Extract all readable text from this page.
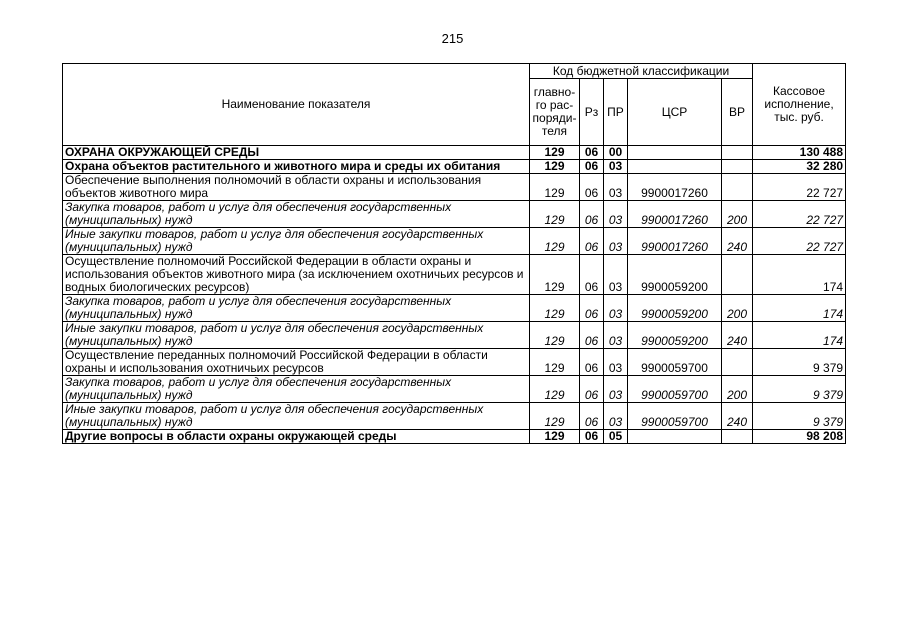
215
Наименование показателя	Код бюджетной классификации					Кассовое исполнение, тыс. руб.
	главно-го рас-поряди-теля	Рз	ПР	ЦСР	ВР	
ОХРАНА ОКРУЖАЮЩЕЙ СРЕДЫ	129	06	00			130 488
Охрана объектов растительного и животного мира и среды их обитания	129	06	03			32 280
Обеспечение выполнения полномочий в области охраны и использования объектов животного мира	129	06	03	9900017260		22 727
Закупка товаров, работ и услуг для обеспечения государственных (муниципальных) нужд	129	06	03	9900017260	200	22 727
Иные закупки товаров, работ и услуг для обеспечения государственных (муниципальных) нужд	129	06	03	9900017260	240	22 727
Осуществление полномочий Российской Федерации в области охраны и использования объектов животного мира (за исключением охотничьих ресурсов и водных биологических ресурсов)	129	06	03	9900059200		174
Закупка товаров, работ и услуг для обеспечения государственных (муниципальных) нужд	129	06	03	9900059200	200	174
Иные закупки товаров, работ и услуг для обеспечения государственных (муниципальных) нужд	129	06	03	9900059200	240	174
Осуществление переданных полномочий Российской Федерации в области охраны и использования охотничьих ресурсов	129	06	03	9900059700		9 379
Закупка товаров, работ и услуг для обеспечения государственных (муниципальных) нужд	129	06	03	9900059700	200	9 379
Иные закупки товаров, работ и услуг для обеспечения государственных (муниципальных) нужд	129	06	03	9900059700	240	9 379
Другие вопросы в области охраны окружающей среды	129	06	05			98 208
